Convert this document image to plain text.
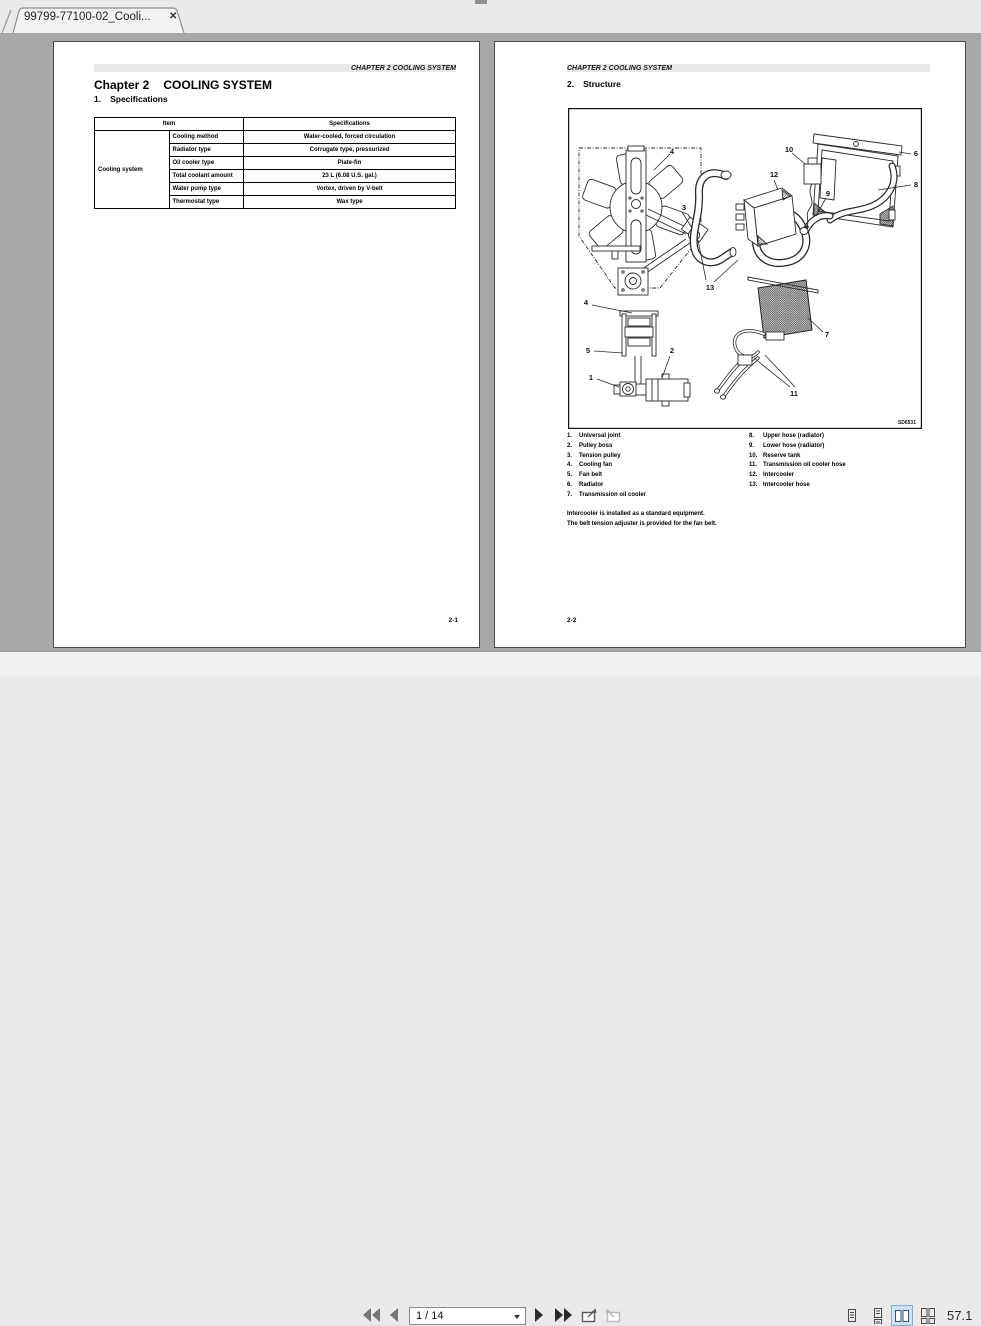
99799-77100-02_Cooli... ✕
CHAPTER 2 COOLING SYSTEM
Chapter 2 COOLING SYSTEM
1. Specifications
Item		Specifications
Cooling system	Cooling method	Water-cooled, forced circulation
	Radiator type	Corrugate type, pressurized
	Oil cooler type	Plate-fin
	Total coolant amount	23 L (6.08 U.S. gal.)
	Water pump type	Vortex, driven by V-belt
	Thermostat type	Wax type
2-1
CHAPTER 2 COOLING SYSTEM
2. Structure
4
3
4
5
1
2
12
13
10	6
8
9
7
11
SD6531
1. Universal joint
2. Pulley boss
3. Tension pulley
4. Cooling fan
5. Fan belt
6. Radiator
7. Transmission oil cooler
8. Upper hose (radiator)
9. Lower hose (radiator)
10. Reserve tank
11. Transmission oil cooler hose
12. Intercooler
13. Intercooler hose
Intercooler is installed as a standard equipment.
The belt tension adjuster is provided for the fan belt.
2-2
1 / 14	57.1
